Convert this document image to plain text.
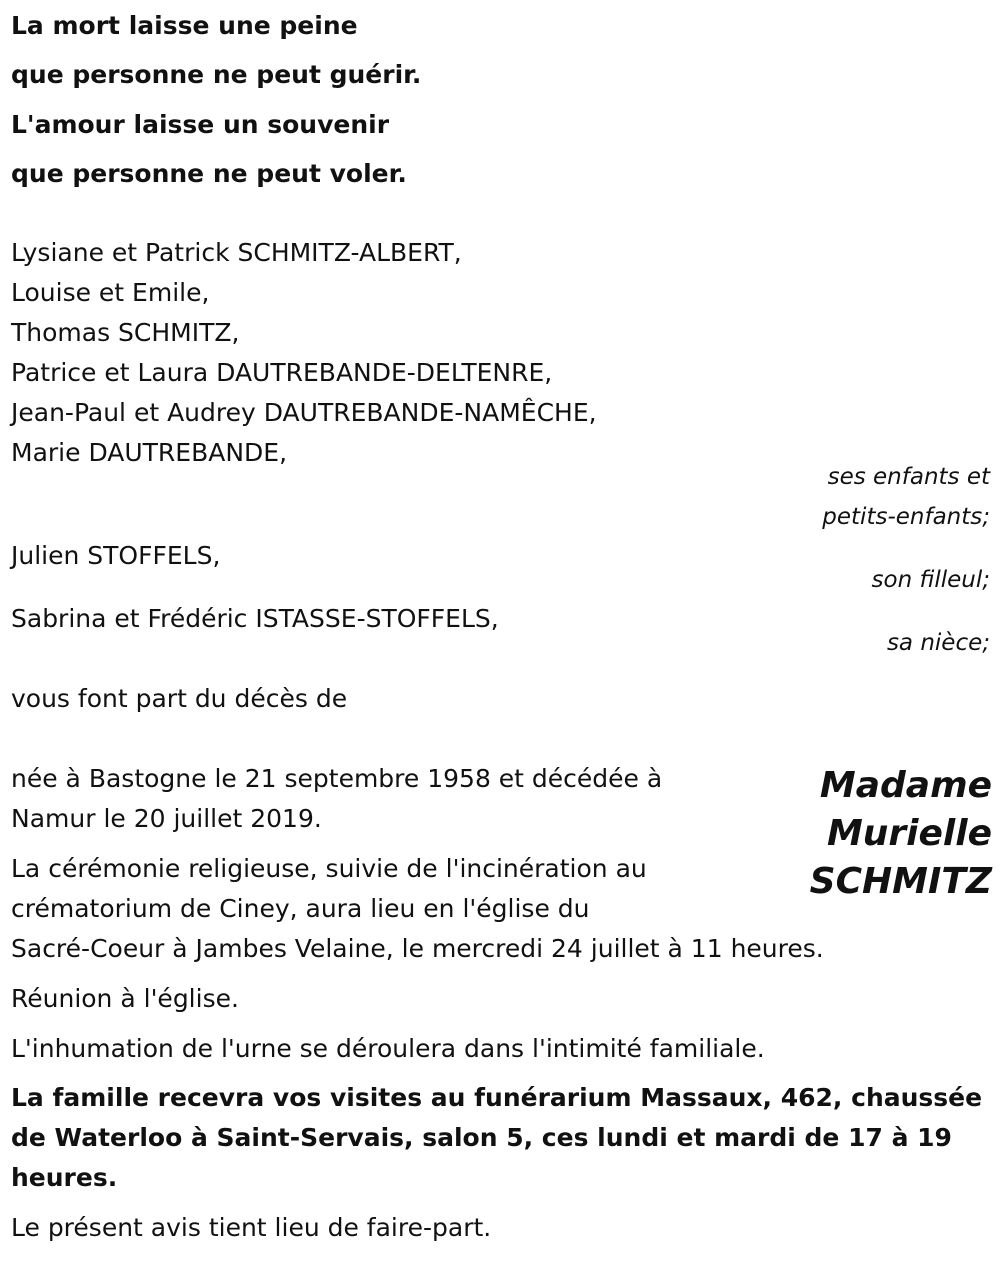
La mort laisse une peine
que personne ne peut guérir.
L'amour laisse un souvenir
que personne ne peut voler.
Lysiane et Patrick SCHMITZ-ALBERT,
Louise et Emile,
Thomas SCHMITZ,
Patrice et Laura DAUTREBANDE-DELTENRE,
Jean-Paul et Audrey DAUTREBANDE-NAMÊCHE,
Marie DAUTREBANDE,
ses enfants et
petits-enfants;
Julien STOFFELS,
son filleul;
Sabrina et Frédéric ISTASSE-STOFFELS,
sa nièce;
vous font part du décès de
Madame
Murielle
SCHMITZ
née à Bastogne le 21 septembre 1958 et décédée à
Namur le 20 juillet 2019.
La cérémonie religieuse, suivie de l'incinération au
crématorium de Ciney, aura lieu en l'église du
Sacré-Coeur à Jambes Velaine, le mercredi 24 juillet à 11 heures.
Réunion à l'église.
L'inhumation de l'urne se déroulera dans l'intimité familiale.
La famille recevra vos visites au funérarium Massaux, 462, chaussée
de Waterloo à Saint-Servais, salon 5, ces lundi et mardi de 17 à 19
heures.
Le présent avis tient lieu de faire-part.
